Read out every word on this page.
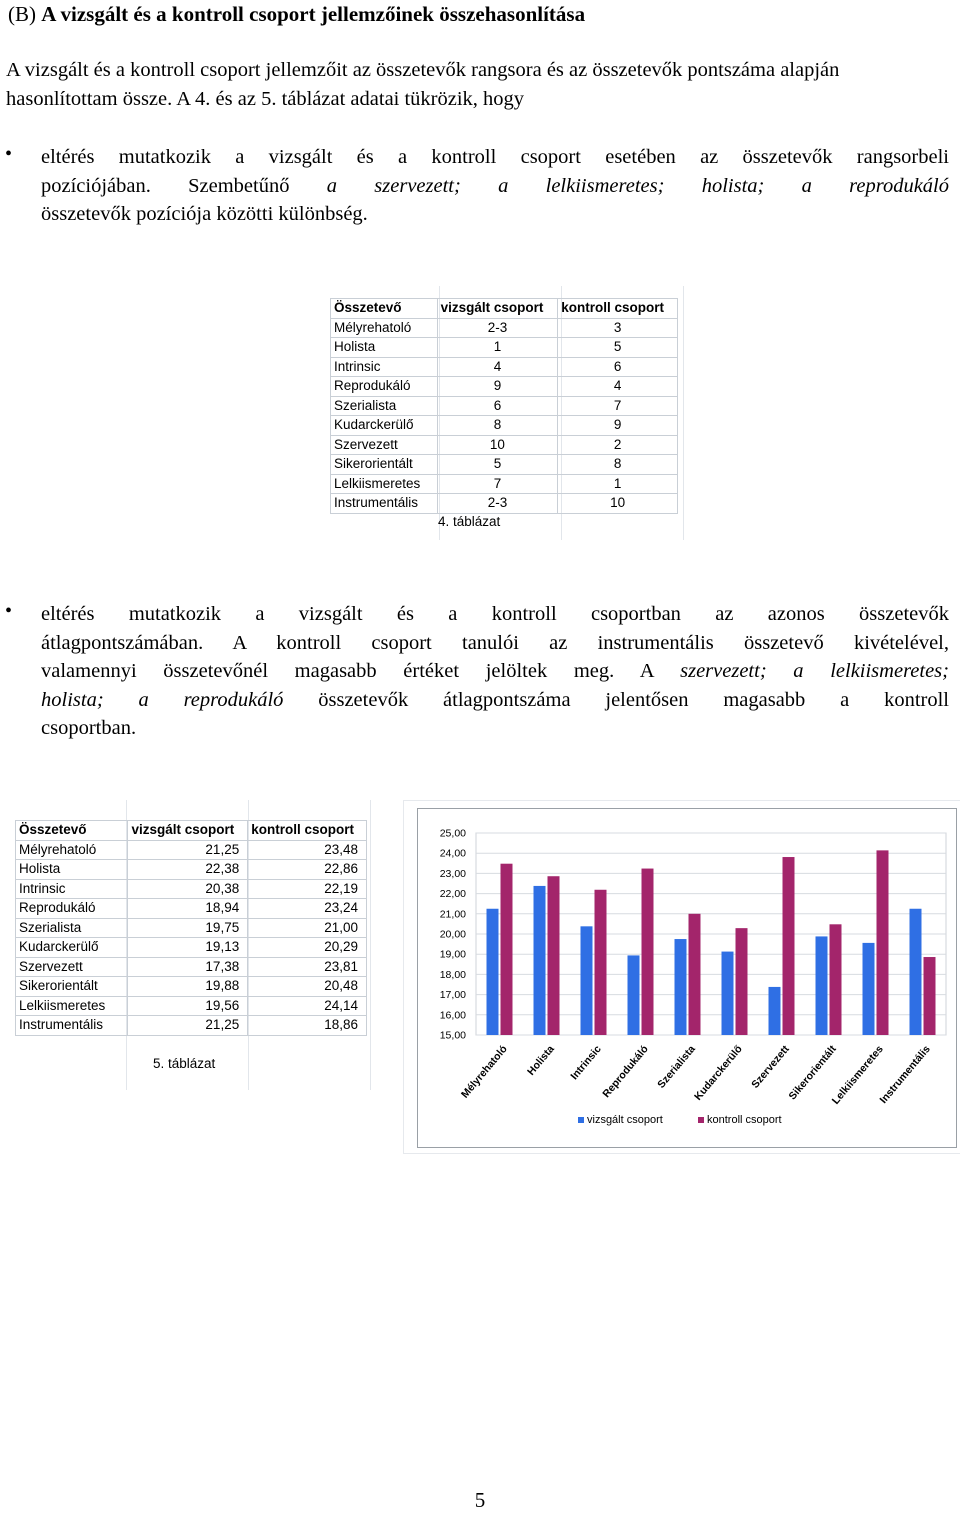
(B) A vizsgált és a kontroll csoport jellemzőinek összehasonlítása
A vizsgált és a kontroll csoport jellemzőit az összetevők rangsora és az összetevők pontszáma alapján hasonlítottam össze. A 4. és az 5. táblázat adatai tükrözik, hogy
• eltérés mutatkozik a vizsgált és a kontroll csoport esetében az összetevők rangsorbeli
pozíciójában. Szembetűnő a szervezett; a lelkiismeretes; holista; a reprodukáló
összetevők pozíciója közötti különbség.
Összetevő	vizsgált csoport	kontroll csoport
Mélyrehatoló	2-3	3
Holista	1	5
Intrinsic	4	6
Reprodukáló	9	4
Szerialista	6	7
Kudarckerülő	8	9
Szervezett	10	2
Sikerorientált	5	8
Lelkiismeretes	7	1
Instrumentális	2-3	10
4. táblázat
• eltérés mutatkozik a vizsgált és a kontroll csoportban az azonos összetevők
átlagpontszámában. A kontroll csoport tanulói az instrumentális összetevő kivételével,
valamennyi összetevőnél magasabb értéket jelöltek meg. A szervezett; a lelkiismeretes;
holista; a reprodukáló összetevők átlagpontszáma jelentősen magasabb a kontroll
csoportban.
Összetevő	vizsgált csoport	kontroll csoport
Mélyrehatoló	21,25	23,48
Holista	22,38	22,86
Intrinsic	20,38	22,19
Reprodukáló	18,94	23,24
Szerialista	19,75	21,00
Kudarckerülő	19,13	20,29
Szervezett	17,38	23,81
Sikerorientált	19,88	20,48
Lelkiismeretes	19,56	24,14
Instrumentális	21,25	18,86
5. táblázat
15,00
16,00
17,00
18,00
19,00
20,00
21,00
22,00
23,00
24,00
25,00
Mélyrehatoló Holista Intrinsic
Reprodukáló Szerialista
Kudarckerülő Szervezett
Sikerorientált
Lelkiismeretes
Instrumentális
vizsgált csoport	kontroll csoport
5
